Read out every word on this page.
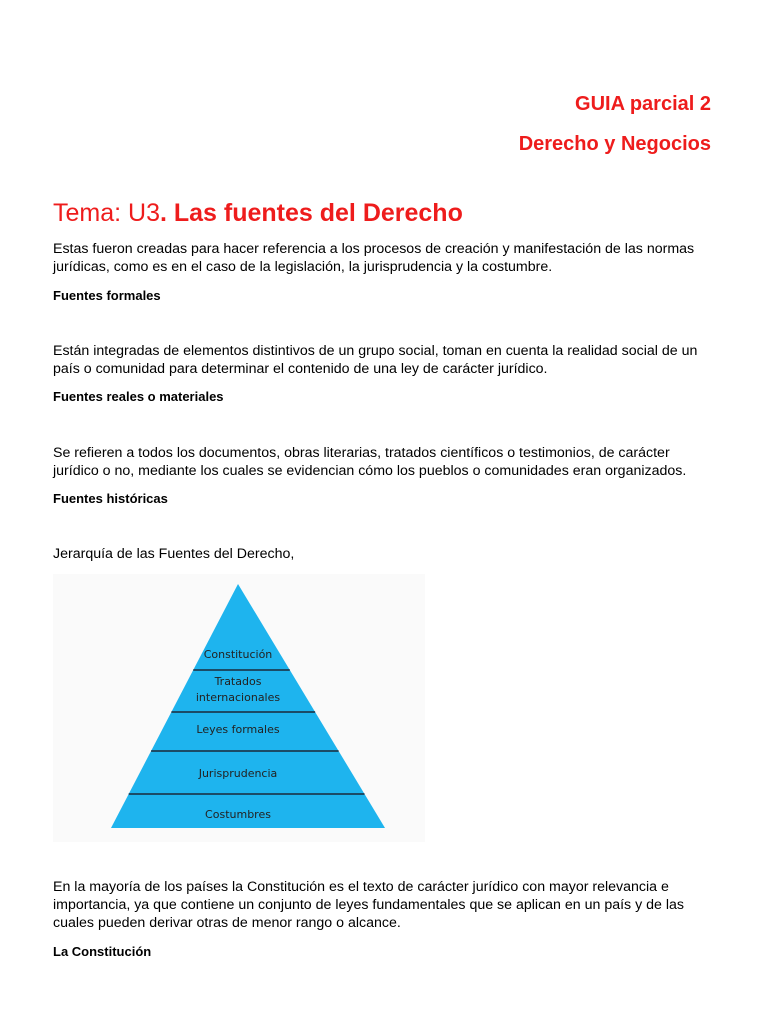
GUIA parcial 2
Derecho y Negocios
Tema: U3. Las fuentes del Derecho
Estas fueron creadas para hacer referencia a los procesos de creación y manifestación de las normas jurídicas, como es en el caso de la legislación, la jurisprudencia y la costumbre.
Fuentes formales
Están integradas de elementos distintivos de un grupo social, toman en cuenta la realidad social de un país o comunidad para determinar el contenido de una ley de carácter jurídico.
Fuentes reales o materiales
Se refieren a todos los documentos, obras literarias, tratados científicos o testimonios, de carácter jurídico o no, mediante los cuales se evidencian cómo los pueblos o comunidades eran organizados.
Fuentes históricas
Jerarquía de las Fuentes del Derecho,
Constitución
Tratados
internacionales
Leyes formales
Jurisprudencia
Costumbres
En la mayoría de los países la Constitución es el texto de carácter jurídico con mayor relevancia e importancia, ya que contiene un conjunto de leyes fundamentales que se aplican en un país y de las cuales pueden derivar otras de menor rango o alcance.
La Constitución
